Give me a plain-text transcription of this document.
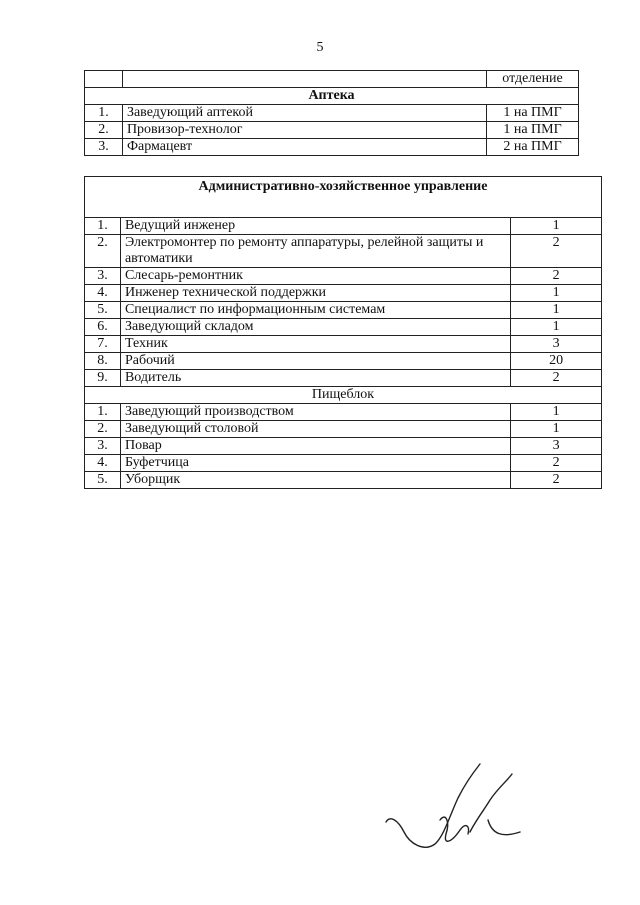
5
		отделение
Аптека		
1.	Заведующий аптекой	1 на ПМГ
2.	Провизор-технолог	1 на ПМГ
3.	Фармацевт	2 на ПМГ
Административно-хозяйственное управление		
1.	Ведущий инженер	1
2.	Электромонтер по ремонту аппаратуры, релейной защиты и автоматики	2
3.	Слесарь-ремонтник	2
4.	Инженер технической поддержки	1
5.	Специалист по информационным системам	1
6.	Заведующий складом	1
7.	Техник	3
8.	Рабочий	20
9.	Водитель	2
Пищеблок		
1.	Заведующий производством	1
2.	Заведующий столовой	1
3.	Повар	3
4.	Буфетчица	2
5.	Уборщик	2
